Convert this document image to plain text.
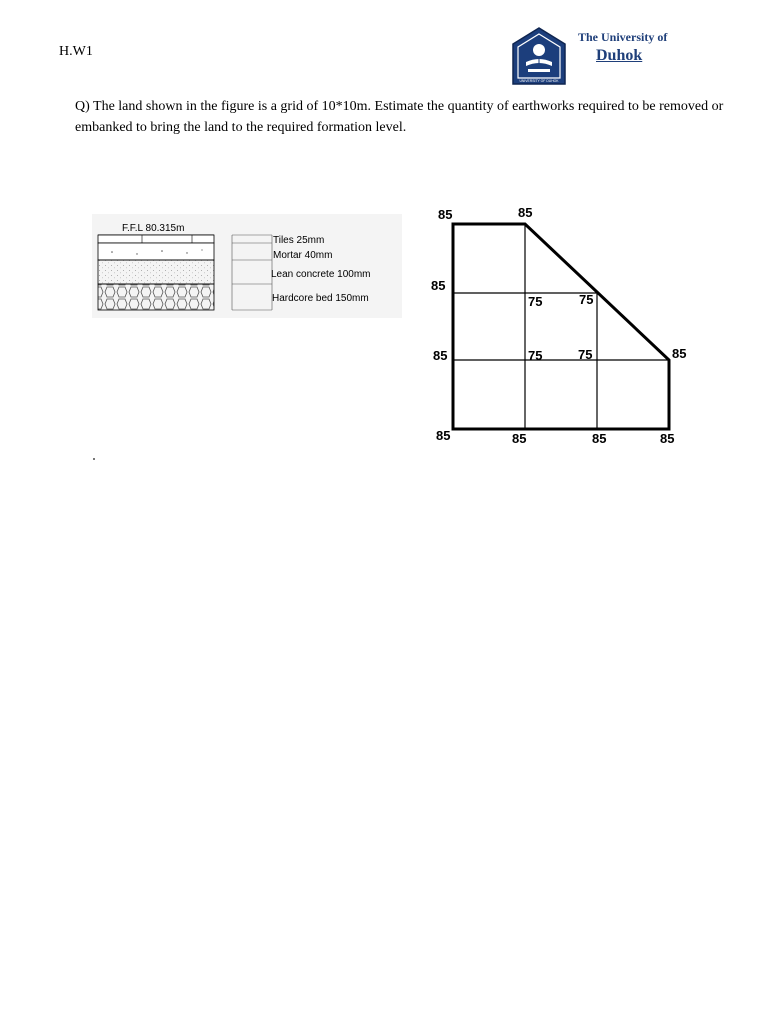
H.W1
UNIVERSITY OF DUHOK
The University of
Duhok
Q) The land shown in the figure is a grid of 10*10m. Estimate the quantity of earthworks required to be removed or embanked to bring the land to the required formation level.
F.F.L 80.315m
Tiles 25mm
Mortar 40mm
Lean concrete 100mm
Hardcore bed 150mm
85	85
85
75	75
85	75	75	85
85	85	85	85
